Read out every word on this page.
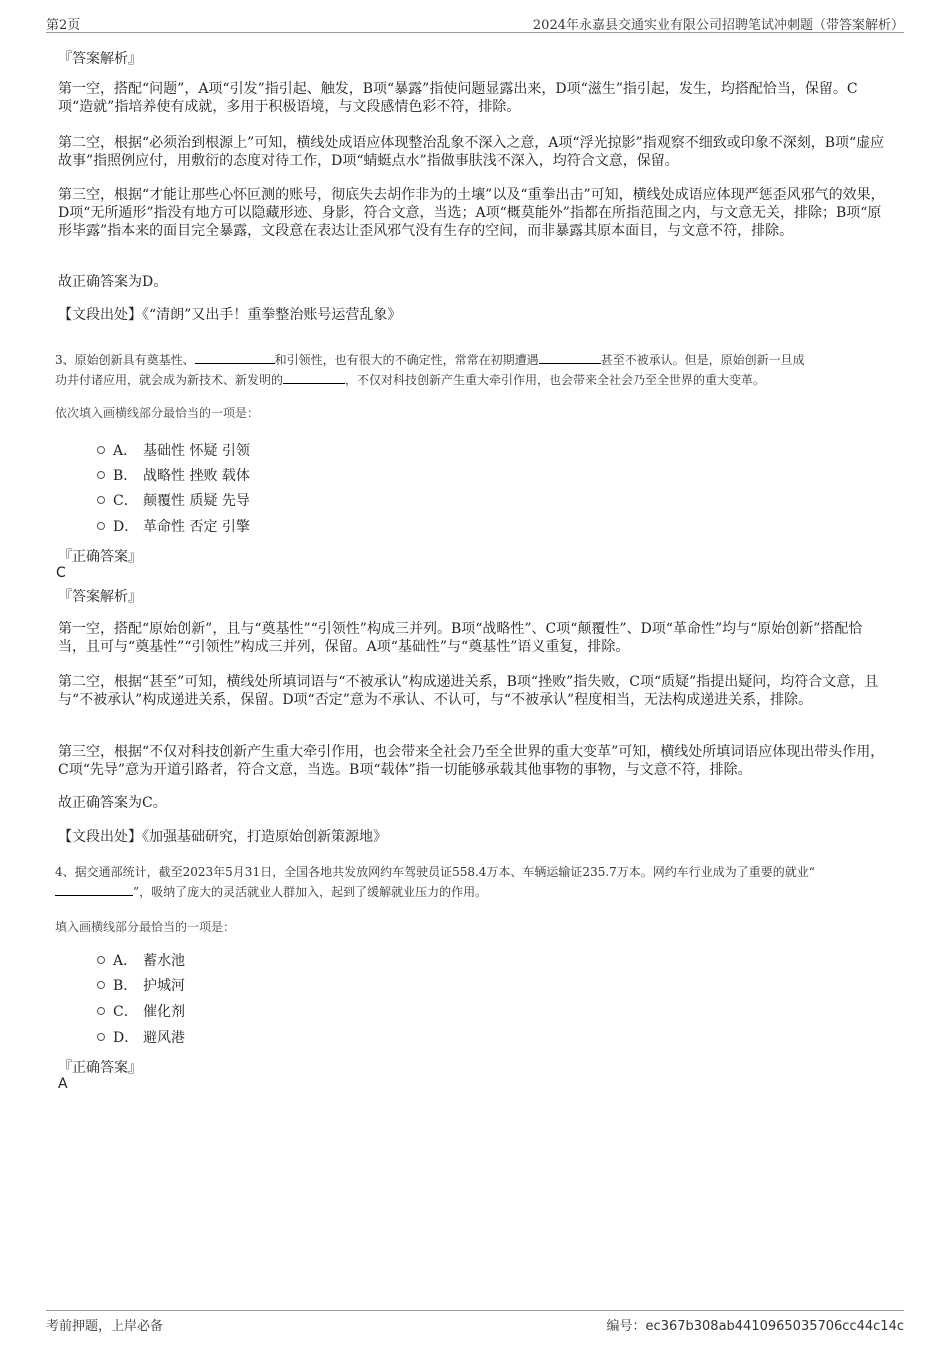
第2页	2024年永嘉县交通实业有限公司招聘笔试冲刺题（带答案解析）
『答案解析』

第一空，搭配“问题”，A项“引发”指引起、触发，B项“暴露”指使问题显露出来，D项“滋生”指引起，发生，均搭配恰当，保留。C项“造就”指培养使有成就，多用于积极语境，与文段感情色彩不符，排除。

第二空，根据“必须治到根源上”可知，横线处成语应体现整治乱象不深入之意，A项“浮光掠影”指观察不细致或印象不深刻，B项“虚应故事”指照例应付，用敷衍的态度对待工作，D项“蜻蜓点水”指做事肤浅不深入，均符合文意，保留。

第三空，根据“才能让那些心怀叵测的账号，彻底失去胡作非为的土壤”以及“重拳出击”可知，横线处成语应体现严惩歪风邪气的效果，D项“无所遁形”指没有地方可以隐藏形迹、身影，符合文意，当选；A项“概莫能外”指都在所指范围之内，与文意无关，排除；B项“原形毕露”指本来的面目完全暴露，文段意在表达让歪风邪气没有生存的空间，而非暴露其原本面目，与文意不符，排除。

故正确答案为D。

【文段出处】《“清朗”又出手！重拳整治账号运营乱象》

3、原始创新具有奠基性、	和引领性，也有很大的不确定性，常常在初期遭遇	甚至不被承认。但是，原始创新一旦成
功并付诸应用，就会成为新技术、新发明的	，不仅对科技创新产生重大牵引作用，也会带来全社会乃至全世界的重大变革。
依次填入画横线部分最恰当的一项是：
A． 基础性 怀疑 引领
B． 战略性 挫败 载体
C． 颠覆性 质疑 先导
D． 革命性 否定 引擎
『正确答案』
C
『答案解析』

第一空，搭配“原始创新”，且与“奠基性”“引领性”构成三并列。B项“战略性”、C项“颠覆性”、D项“革命性”均与“原始创新”搭配恰当，且可与“奠基性”“引领性”构成三并列，保留。A项“基础性”与“奠基性”语义重复，排除。

第二空，根据“甚至”可知，横线处所填词语与“不被承认”构成递进关系，B项“挫败”指失败，C项“质疑”指提出疑问，均符合文意，且与“不被承认”构成递进关系，保留。D项“否定”意为不承认、不认可，与“不被承认”程度相当，无法构成递进关系，排除。

第三空，根据“不仅对科技创新产生重大牵引作用，也会带来全社会乃至全世界的重大变革”可知，横线处所填词语应体现出带头作用，C项“先导”意为开道引路者，符合文意，当选。B项“载体”指一切能够承载其他事物的事物，与文意不符，排除。

故正确答案为C。

【文段出处】《加强基础研究，打造原始创新策源地》

4、据交通部统计，截至2023年5月31日，全国各地共发放网约车驾驶员证558.4万本、车辆运输证235.7万本。网约车行业成为了重要的就业“
”，吸纳了庞大的灵活就业人群加入，起到了缓解就业压力的作用。
填入画横线部分最恰当的一项是：
A． 蓄水池
B． 护城河
C． 催化剂
D． 避风港
『正确答案』
A
考前押题，上岸必备	编号：ec367b308ab4410965035706cc44c14c
